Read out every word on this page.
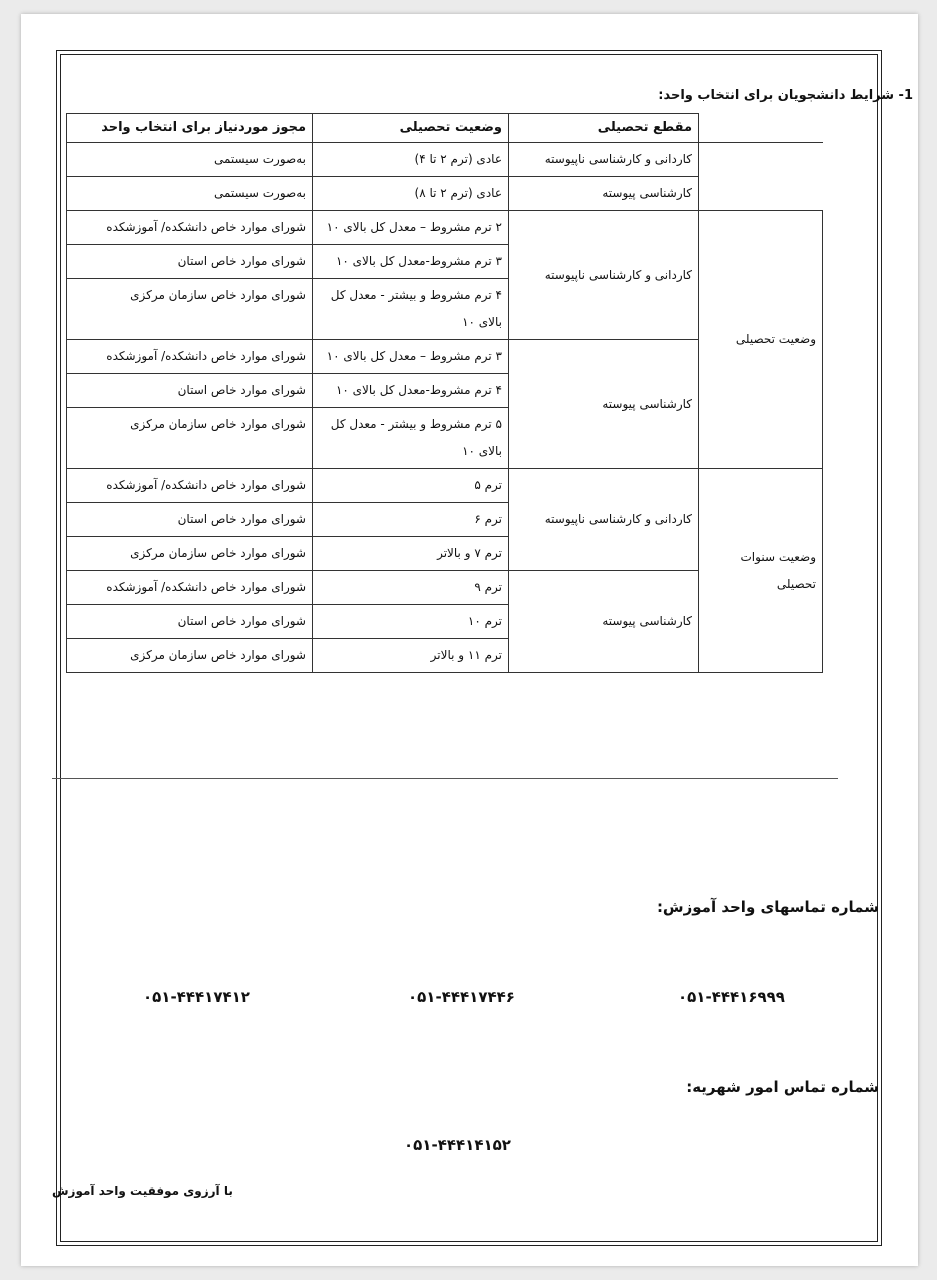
1- شرایط دانشجویان برای انتخاب واحد:
	مقطع تحصیلی	وضعیت تحصیلی	مجوز موردنیاز برای انتخاب واحد
	کاردانی و کارشناسی ناپیوسته	عادی (ترم ۲ تا ۴)	به‌صورت سیستمی
	کارشناسی پیوسته	عادی (ترم ۲ تا ۸)	به‌صورت سیستمی
وضعیت تحصیلی	کاردانی و کارشناسی ناپیوسته	۲ ترم مشروط – معدل کل بالای ۱۰	شورای موارد خاص دانشکده/ آموزشکده
		۳ ترم مشروط-معدل کل بالای ۱۰	شورای موارد خاص استان
		۴ ترم مشروط و بیشتر - معدل کل بالای ۱۰	شورای موارد خاص سازمان مرکزی
	کارشناسی پیوسته	۳ ترم مشروط – معدل کل بالای ۱۰	شورای موارد خاص دانشکده/ آموزشکده
		۴ ترم مشروط-معدل کل بالای ۱۰	شورای موارد خاص استان
		۵ ترم مشروط و بیشتر - معدل کل بالای ۱۰	شورای موارد خاص سازمان مرکزی
وضعیت سنوات تحصیلی	کاردانی و کارشناسی ناپیوسته	ترم ۵	شورای موارد خاص دانشکده/ آموزشکده
		ترم ۶	شورای موارد خاص استان
		ترم ۷ و بالاتر	شورای موارد خاص سازمان مرکزی
	کارشناسی پیوسته	ترم ۹	شورای موارد خاص دانشکده/ آموزشکده
		ترم ۱۰	شورای موارد خاص استان
		ترم ۱۱ و بالاتر	شورای موارد خاص سازمان مرکزی
شماره تماسهای واحد آموزش:
۰۵۱-۴۴۴۱۶۹۹۹
۰۵۱-۴۴۴۱۷۴۴۶
۰۵۱-۴۴۴۱۷۴۱۲
شماره تماس امور شهریه:
۰۵۱-۴۴۴۱۴۱۵۲
با آرزوی موفقیت واحد آموزش
